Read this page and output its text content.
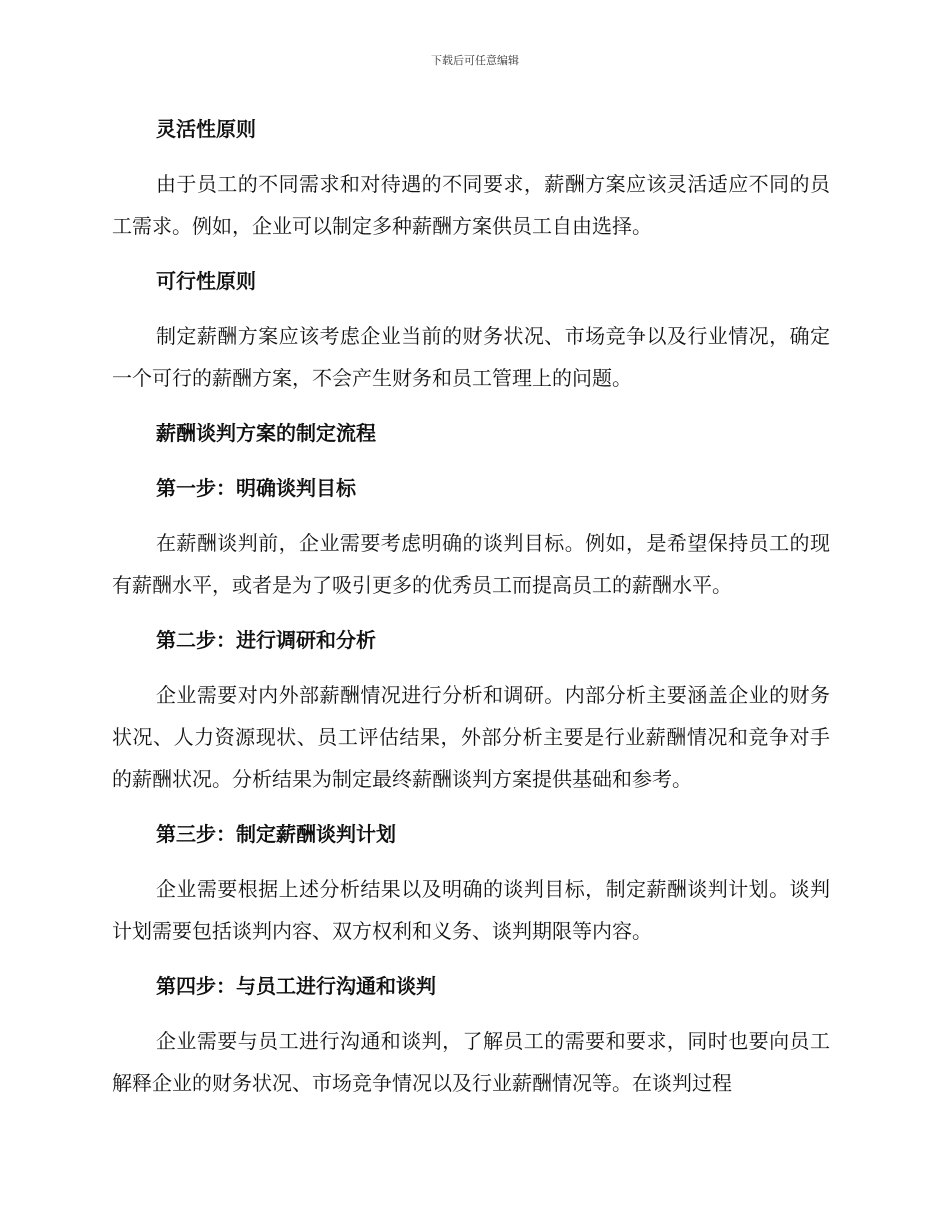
下载后可任意编辑
灵活性原则

由于员工的不同需求和对待遇的不同要求，薪酬方案应该灵活适应不同的员工需求。例如，企业可以制定多种薪酬方案供员工自由选择。

可行性原则

制定薪酬方案应该考虑企业当前的财务状况、市场竞争以及行业情况，确定一个可行的薪酬方案，不会产生财务和员工管理上的问题。

薪酬谈判方案的制定流程
第一步：明确谈判目标

在薪酬谈判前，企业需要考虑明确的谈判目标。例如，是希望保持员工的现有薪酬水平，或者是为了吸引更多的优秀员工而提高员工的薪酬水平。

第二步：进行调研和分析

企业需要对内外部薪酬情况进行分析和调研。内部分析主要涵盖企业的财务状况、人力资源现状、员工评估结果，外部分析主要是行业薪酬情况和竞争对手的薪酬状况。分析结果为制定最终薪酬谈判方案提供基础和参考。

第三步：制定薪酬谈判计划

企业需要根据上述分析结果以及明确的谈判目标，制定薪酬谈判计划。谈判计划需要包括谈判内容、双方权利和义务、谈判期限等内容。

第四步：与员工进行沟通和谈判

企业需要与员工进行沟通和谈判，了解员工的需要和要求，同时也要向员工解释企业的财务状况、市场竞争情况以及行业薪酬情况等。在谈判过程
